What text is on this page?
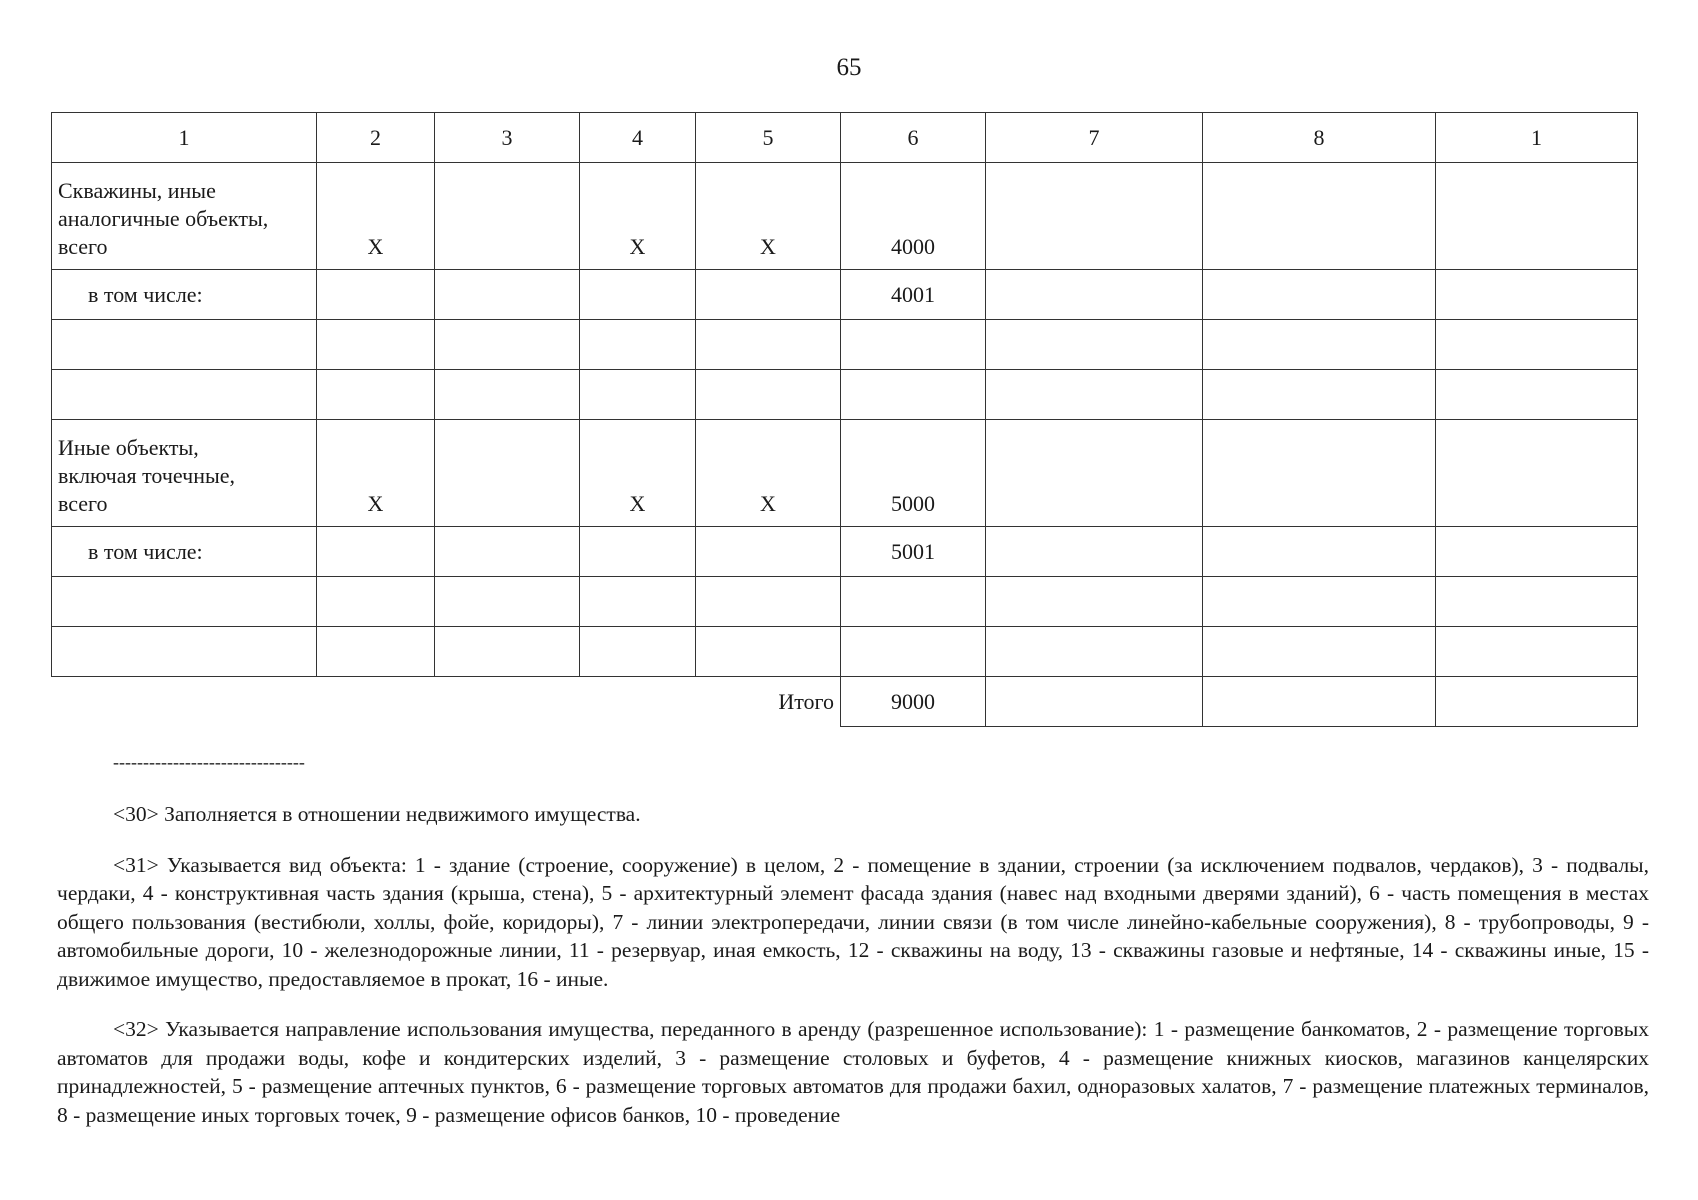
65
1	2	3	4	5	6	7	8	1

Скважины, иные
аналогичные объекты,
всего	X		X	X	4000			
в том числе:					4001			

Иные объекты,
включая точечные,
всего	X		X	X	5000			
в том числе:					5001			

Итого					9000			
--------------------------------

<30> Заполняется в отношении недвижимого имущества.

<31> Указывается вид объекта: 1 - здание (строение, сооружение) в целом, 2 - помещение в здании, строении (за исключением подвалов, чердаков), 3 - подвалы, чердаки, 4 - конструктивная часть здания (крыша, стена), 5 - архитектурный элемент фасада здания (навес над входными дверями зданий), 6 - часть помещения в местах общего пользования (вестибюли, холлы, фойе, коридоры), 7 - линии электропередачи, линии связи (в том числе линейно-кабельные сооружения), 8 - трубопроводы, 9 - автомобильные дороги, 10 - железнодорожные линии, 11 - резервуар, иная емкость, 12 - скважины на воду, 13 - скважины газовые и нефтяные, 14 - скважины иные, 15 - движимое имущество, предоставляемое в прокат, 16 - иные.

<32> Указывается направление использования имущества, переданного в аренду (разрешенное использование): 1 - размещение банкоматов, 2 - размещение торговых автоматов для продажи воды, кофе и кондитерских изделий, 3 - размещение столовых и буфетов, 4 - размещение книжных киосков, магазинов канцелярских принадлежностей, 5 - размещение аптечных пунктов, 6 - размещение торговых автоматов для продажи бахил, одноразовых халатов, 7 - размещение платежных терминалов, 8 - размещение иных торговых точек, 9 - размещение офисов банков, 10 - проведение
